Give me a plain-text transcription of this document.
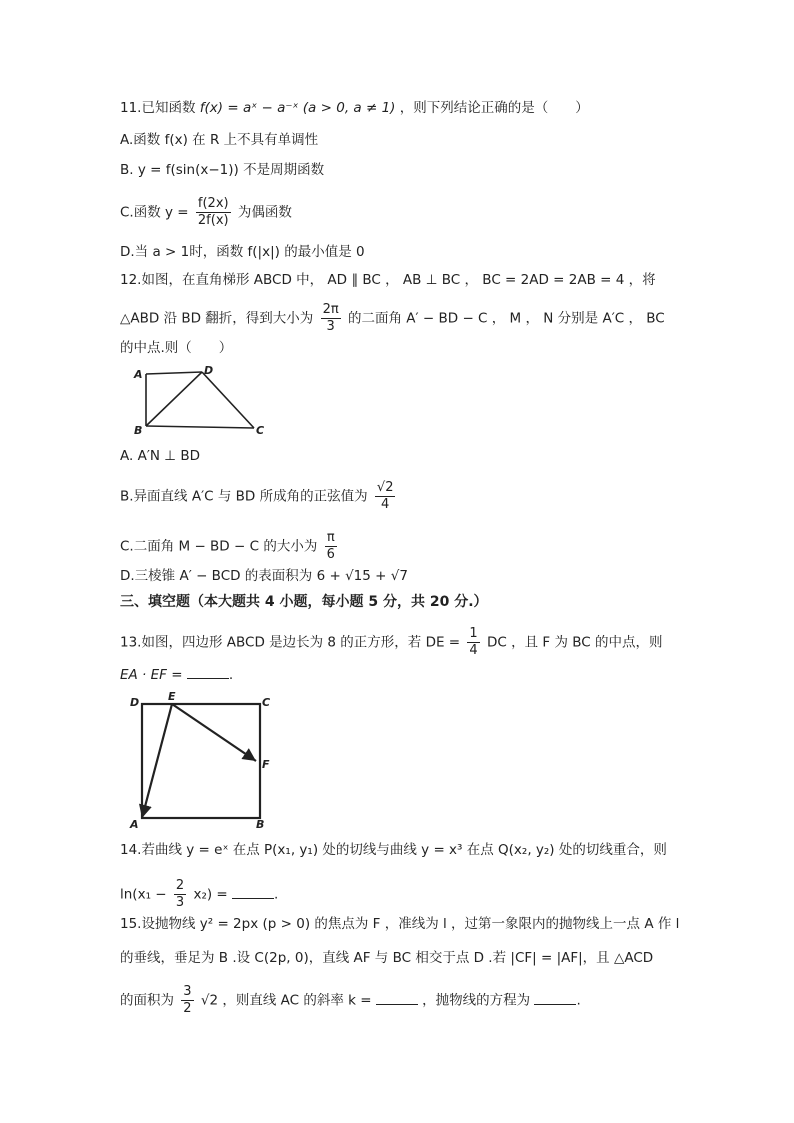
11.已知函数 f(x) = aˣ − a⁻ˣ (a > 0, a ≠ 1) ，则下列结论正确的是（　　）
A.函数 f(x) 在 R 上不具有单调性
B. y = f(sin(x−1)) 不是周期函数
C.函数 $y = \frac{f(2x)}{2f(x)}$ 为偶函数
D.当 a > 1时，函数 f(|x|) 的最小值是 0
12.如图，在直角梯形 ABCD 中， AD ∥ BC ， AB ⊥ BC ， BC = 2AD = 2AB = 4 ，将
△ABD 沿 BD 翻折，得到大小为 $\frac{2\pi}{3}$ 的二面角 A′ − BD − C ， M ， N 分别是 A′C ， BC
的中点.则（　　）
A	D
B	C
A. A′N ⊥ BD
B.异面直线 A′C 与 BD 所成角的正弦值为 $\frac{√2}{4}$
C.二面角 M − BD − C 的大小为 $\frac{\pi}{6}$
D.三棱锥 A′ − BCD 的表面积为 6 + √15 + √7
三、填空题（本大题共 4 小题，每小题 5 分，共 20 分.）
13.如图，四边形 ABCD 是边长为 8 的正方形，若 DE = $\frac{1}{4}$ DC ，且 F 为 BC 的中点，则
EA · EF =	.
D	E	C
F
A	B
14.若曲线 y = eˣ 在点 P(x₁, y₁) 处的切线与曲线 y = x³ 在点 Q(x₂, y₂) 处的切线重合，则
$\ln(x_1 - \frac{2}{3} x_2)$ =	.
15.设抛物线 y² = 2px (p > 0) 的焦点为 F ，准线为 l ，过第一象限内的抛物线上一点 A 作 l
的垂线，垂足为 B .设 C(2p, 0)，直线 AF 与 BC 相交于点 D .若 |CF| = |AF|，且 △ACD
的面积为 $\frac{3}{2} √2$ ，则直线 AC 的斜率 k =	，抛物线的方程为	.
